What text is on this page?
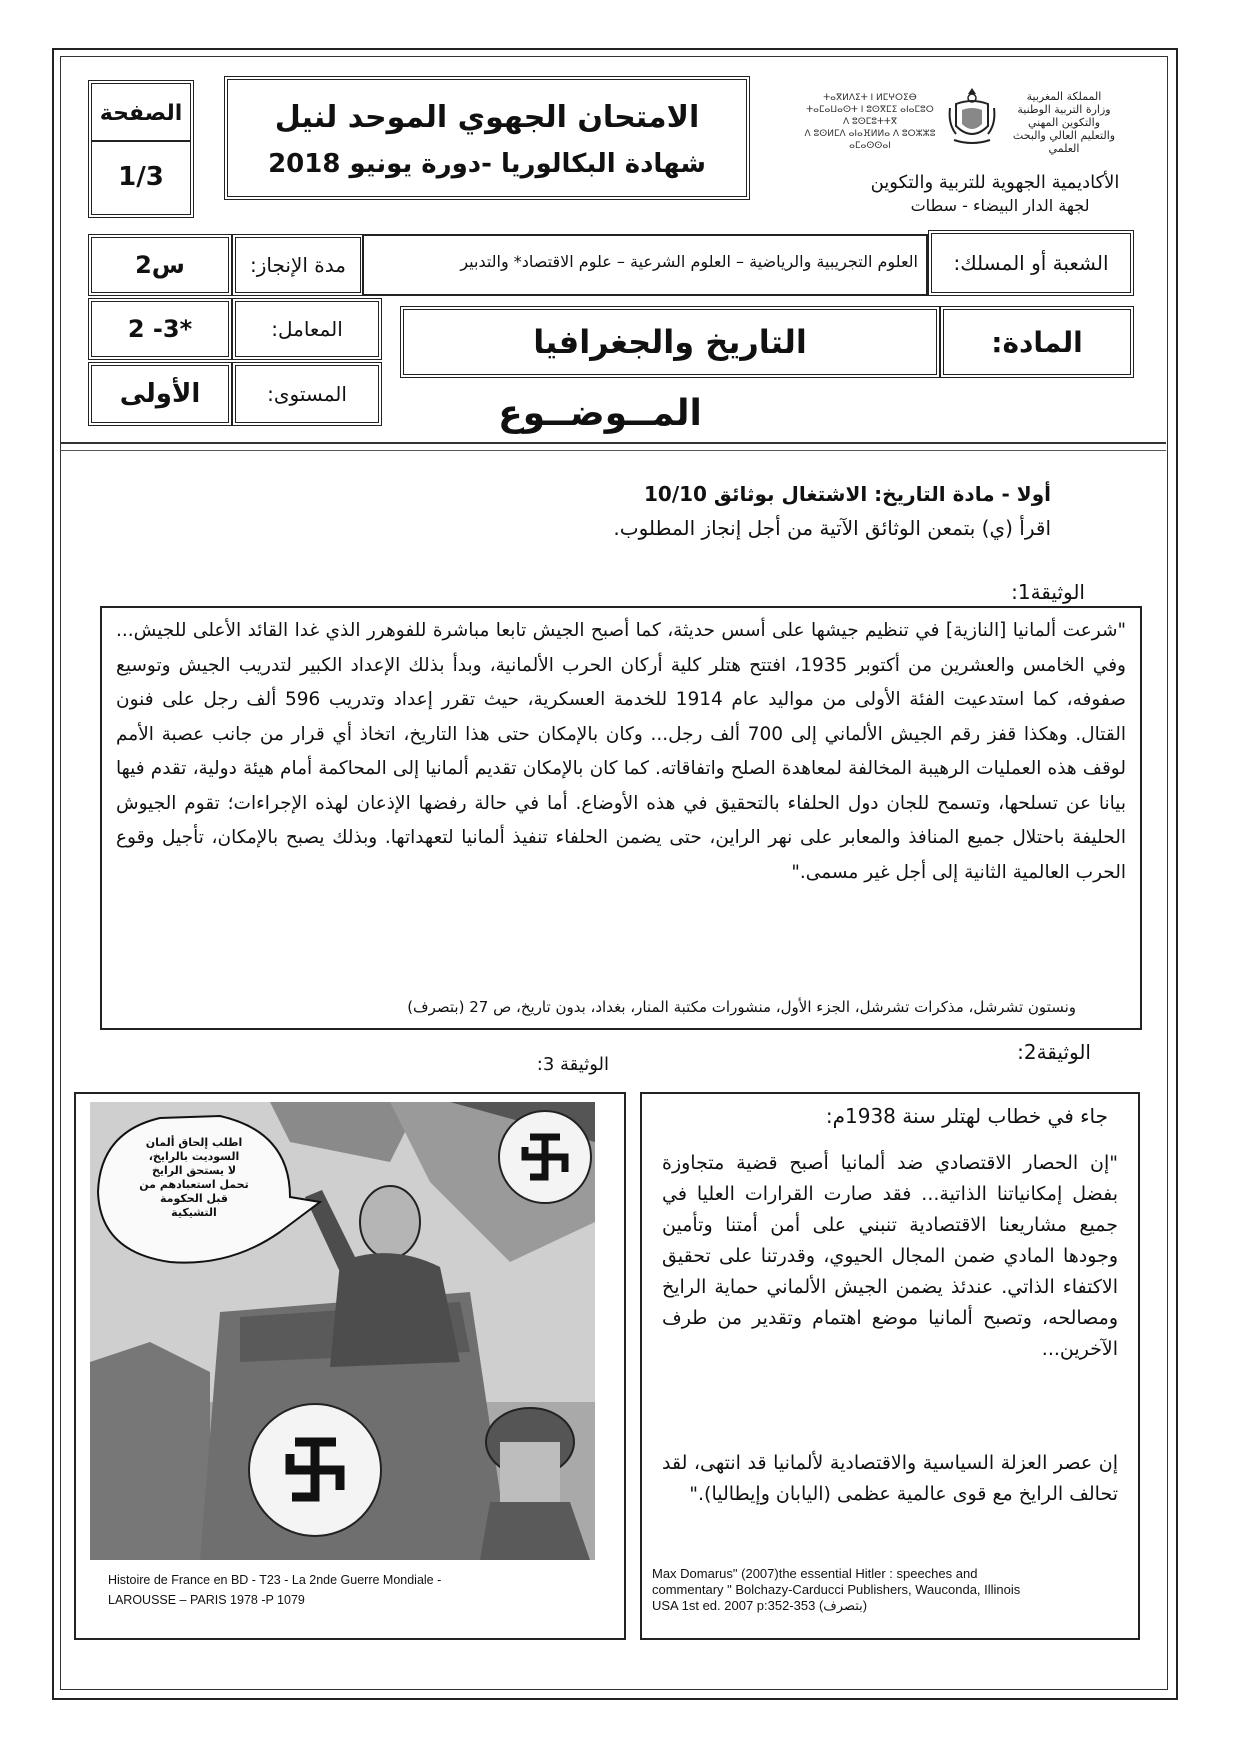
الصفحة
1/3
الامتحان الجهوي الموحد لنيل
شهادة البكالوريا -دورة يونيو 2018
ⵜⴰⴳⵍⴷⵉⵜ ⵏ ⵍⵎⵖⵔⵉⴱ
ⵜⴰⵎⴰⵡⴰⵙⵜ ⵏ ⵓⵙⴳⵎⵉ ⴰⵏⴰⵎⵓⵔ
ⴷ ⵓⵙⵎⵓⵜⵜⴳ
ⴷ ⵓⵙⵍⵎⴷ ⴰⵏⴰⴼⵍⵍⴰ ⴷ ⵓⵔⵣⵣⵓ ⴰⵎⴰⵙⵙⴰⵏ
المملكة المغربية
وزارة التربية الوطنية
والتكوين المهني
والتعليم العالي والبحث العلمي
الأكاديمية الجهوية للتربية والتكوين
لجهة الدار البيضاء - سطات
2س	مدة الإنجاز:	العلوم التجريبية والرياضية – العلوم الشرعية – علوم الاقتصاد* والتدبير	الشعبة أو المسلك:
2 -3*	المعامل:
الأولى	المستوى:
التاريخ والجغرافيا	المادة:
المــوضــوع
أولا - مادة التاريخ: الاشتغال بوثائق 10/10
اقرأ (ي) بتمعن الوثائق الآتية من أجل إنجاز المطلوب.
الوثيقة1:
"شرعت ألمانيا [النازية] في تنظيم جيشها على أسس حديثة، كما أصبح الجيش تابعا مباشرة للفوهرر الذي غدا القائد الأعلى للجيش... وفي الخامس والعشرين من أكتوبر 1935، افتتح هتلر كلية أركان الحرب الألمانية، وبدأ بذلك الإعداد الكبير لتدريب الجيش وتوسيع صفوفه، كما استدعيت الفئة الأولى من مواليد عام 1914 للخدمة العسكرية، حيث تقرر إعداد وتدريب 596 ألف رجل على فنون القتال. وهكذا قفز رقم الجيش الألماني إلى 700 ألف رجل... وكان بالإمكان حتى هذا التاريخ، اتخاذ أي قرار من جانب عصبة الأمم لوقف هذه العمليات الرهيبة المخالفة لمعاهدة الصلح واتفاقاته. كما كان بالإمكان تقديم ألمانيا إلى المحاكمة أمام هيئة دولية، تقدم فيها بيانا عن تسلحها، وتسمح للجان دول الحلفاء بالتحقيق في هذه الأوضاع. أما في حالة رفضها الإذعان لهذه الإجراءات؛ تقوم الجيوش الحليفة باحتلال جميع المنافذ والمعابر على نهر الراين، حتى يضمن الحلفاء تنفيذ ألمانيا لتعهداتها. وبذلك يصبح بالإمكان، تأجيل وقوع الحرب العالمية الثانية إلى أجل غير مسمى."
ونستون تشرشل، مذكرات تشرشل، الجزء الأول، منشورات مكتبة المنار، بغداد، بدون تاريخ، ص 27 (بتصرف)
الوثيقة2:
الوثيقة 3:
اطلب إلحاق ألمان
السوديت بالرايخ،
لا يستحق الرايخ
تحمل استعبادهم من
قبل الحكومة
التشيكية
Histoire de France en BD - T23 - La 2nde Guerre Mondiale -
LAROUSSE – PARIS 1978 -P 1079
جاء في خطاب لهتلر سنة 1938م:
"إن الحصار الاقتصادي ضد ألمانيا أصبح قضية متجاوزة بفضل إمكانياتنا الذاتية... فقد صارت القرارات العليا في جميع مشاريعنا الاقتصادية تنبني على أمن أمتنا وتأمين وجودها المادي ضمن المجال الحيوي، وقدرتنا على تحقيق الاكتفاء الذاتي. عندئذ يضمن الجيش الألماني حماية الرايخ ومصالحه، وتصبح ألمانيا موضع اهتمام وتقدير من طرف الآخرين...
إن عصر العزلة السياسية والاقتصادية لألمانيا قد انتهى، لقد تحالف الرايخ مع قوى عالمية عظمى (اليابان وإيطاليا)."
Max Domarus" (2007)the essential Hitler : speeches and
commentary " Bolchazy-Carducci Publishers, Wauconda, Illinois
USA 1st ed. 2007 p:352-353 (بتصرف)
